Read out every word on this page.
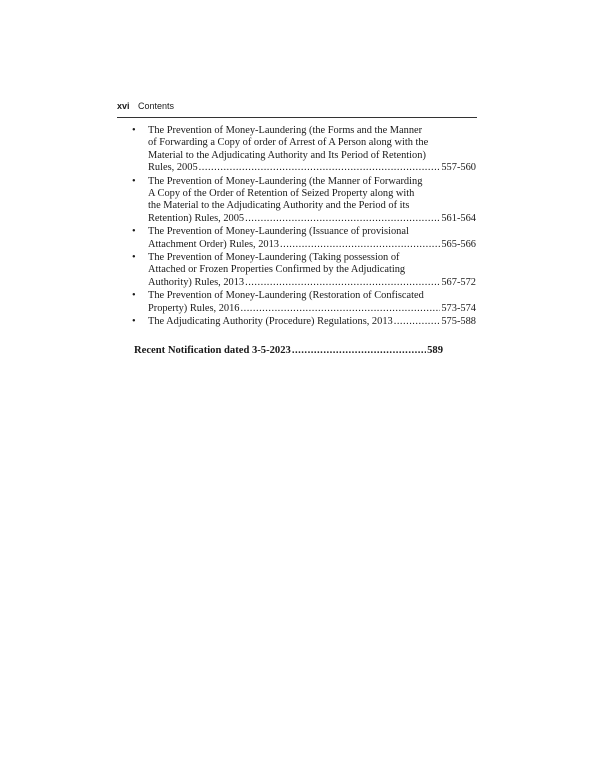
xvi Contents
• The Prevention of Money-Laundering (the Forms and the Manner
of Forwarding a Copy of order of Arrest of A Person along with the
Material to the Adjudicating Authority and Its Period of Retention)
Rules, 2005 .....	557-560
• The Prevention of Money-Laundering (the Manner of Forwarding
A Copy of the Order of Retention of Seized Property along with
the Material to the Adjudicating Authority and the Period of its
Retention) Rules, 2005 .....	561-564
• The Prevention of Money-Laundering (Issuance of provisional
Attachment Order) Rules, 2013 .....	565-566
• The Prevention of Money-Laundering (Taking possession of
Attached or Frozen Properties Confirmed by the Adjudicating
Authority) Rules, 2013 .....	567-572
• The Prevention of Money-Laundering (Restoration of Confiscated
Property) Rules, 2016 .....	573-574
• The Adjudicating Authority (Procedure) Regulations, 2013 .....	575-588
Recent Notification dated 3-5-2023 .....	589
